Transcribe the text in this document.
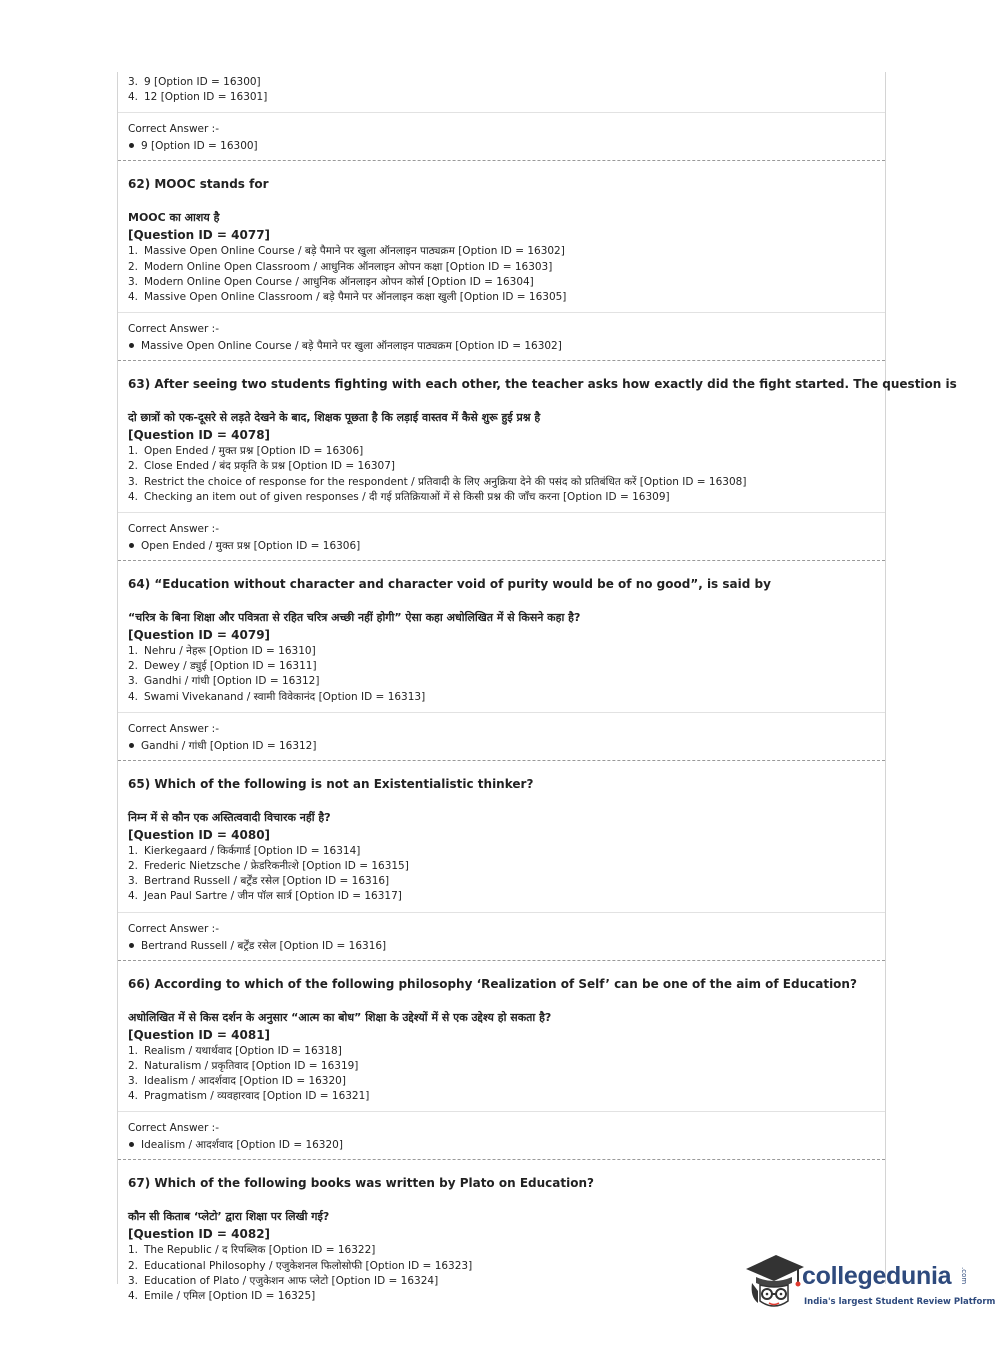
3. 9 [Option ID = 16300]
4. 12 [Option ID = 16301]
Correct Answer :-
9 [Option ID = 16300]
62) MOOC stands for
MOOC का आशय है
[Question ID = 4077]
1. Massive Open Online Course / बड़े पैमाने पर खुला ऑनलाइन पाठ्यक्रम [Option ID = 16302]
2. Modern Online Open Classroom / आधुनिक ऑनलाइन ओपन कक्षा [Option ID = 16303]
3. Modern Online Open Course / आधुनिक ऑनलाइन ओपन कोर्स [Option ID = 16304]
4. Massive Open Online Classroom / बड़े पैमाने पर ऑनलाइन कक्षा खुली [Option ID = 16305]
Correct Answer :-
Massive Open Online Course / बड़े पैमाने पर खुला ऑनलाइन पाठ्यक्रम [Option ID = 16302]
63) After seeing two students fighting with each other, the teacher asks how exactly did the fight started. The question is
दो छात्रों को एक-दूसरे से लड़ते देखने के बाद, शिक्षक पूछता है कि लड़ाई वास्तव में कैसे शुरू हुई प्रश्न है
[Question ID = 4078]
1. Open Ended / मुक्त प्रश्न [Option ID = 16306]
2. Close Ended / बंद प्रकृति के प्रश्न [Option ID = 16307]
3. Restrict the choice of response for the respondent / प्रतिवादी के लिए अनुक्रिया देने की पसंद को प्रतिबंधित करें [Option ID = 16308]
4. Checking an item out of given responses / दी गई प्रतिक्रियाओं में से किसी प्रश्न की जाँच करना [Option ID = 16309]
Correct Answer :-
Open Ended / मुक्त प्रश्न [Option ID = 16306]
64) “Education without character and character void of purity would be of no good”, is said by
“चरित्र के बिना शिक्षा और पवित्रता से रहित चरित्र अच्छी नहीं होगी” ऐसा कहा अधोलिखित में से किसने कहा है?
[Question ID = 4079]
1. Nehru / नेहरू [Option ID = 16310]
2. Dewey / ड्युई [Option ID = 16311]
3. Gandhi / गांधी [Option ID = 16312]
4. Swami Vivekanand / स्वामी विवेकानंद [Option ID = 16313]
Correct Answer :-
Gandhi / गांधी [Option ID = 16312]
65) Which of the following is not an Existentialistic thinker?
निम्न में से कौन एक अस्तित्ववादी विचारक नहीं है?
[Question ID = 4080]
1. Kierkegaard / किर्कगार्ड [Option ID = 16314]
2. Frederic Nietzsche / फ्रेडरिकनीत्शे [Option ID = 16315]
3. Bertrand Russell / बर्ट्रेंड रसेल [Option ID = 16316]
4. Jean Paul Sartre / जीन पॉल सार्त्र [Option ID = 16317]
Correct Answer :-
Bertrand Russell / बर्ट्रेंड रसेल [Option ID = 16316]
66) According to which of the following philosophy ‘Realization of Self’ can be one of the aim of Education?
अधोलिखित में से किस दर्शन के अनुसार “आत्म का बोध” शिक्षा के उद्देश्यों में से एक उद्देश्य हो सकता है?
[Question ID = 4081]
1. Realism / यथार्थवाद [Option ID = 16318]
2. Naturalism / प्रकृतिवाद [Option ID = 16319]
3. Idealism / आदर्शवाद [Option ID = 16320]
4. Pragmatism / व्यवहारवाद [Option ID = 16321]
Correct Answer :-
Idealism / आदर्शवाद [Option ID = 16320]
67) Which of the following books was written by Plato on Education?
कौन सी किताब ‘प्लेटो’ द्वारा शिक्षा पर लिखी गई?
[Question ID = 4082]
1. The Republic / द रिपब्लिक [Option ID = 16322]
2. Educational Philosophy / एजुकेशनल फिलोसोफी [Option ID = 16323]
3. Education of Plato / एजुकेशन आफ प्लेटो [Option ID = 16324]
4. Emile / एमिल [Option ID = 16325]
collegedunia .com
India's largest Student Review Platform
